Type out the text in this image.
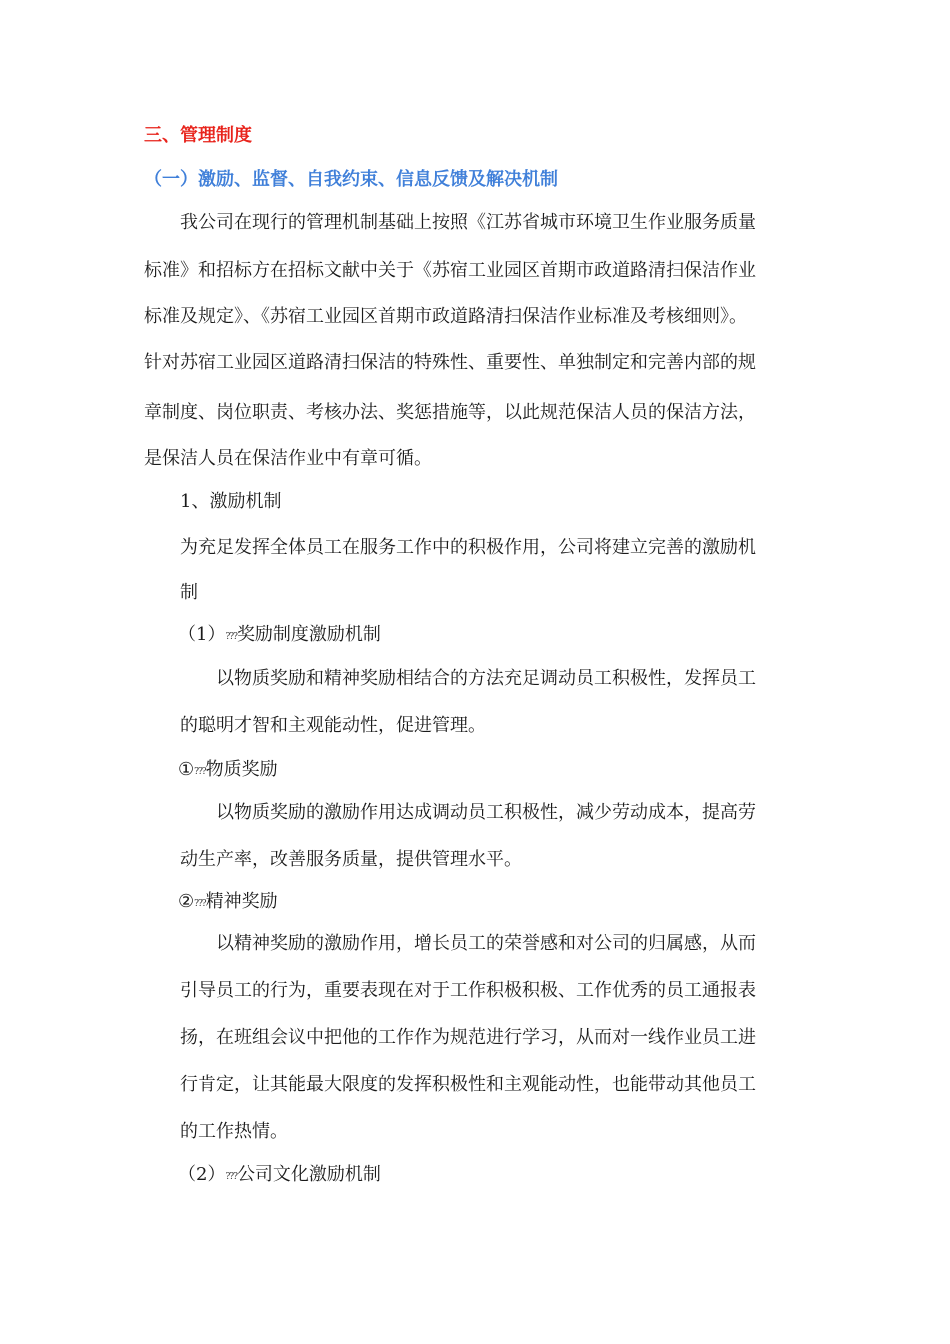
三、管理制度
（一）激励、监督、自我约束、信息反馈及解决机制
我公司在现行的管理机制基础上按照《江苏省城市环境卫生作业服务质量
标准》和招标方在招标文献中关于《苏宿工业园区首期市政道路清扫保洁作业
标准及规定》、《苏宿工业园区首期市政道路清扫保洁作业标准及考核细则》。
针对苏宿工业园区道路清扫保洁的特殊性、重要性、单独制定和完善内部的规
章制度、岗位职责、考核办法、奖惩措施等，以此规范保洁人员的保洁方法，
是保洁人员在保洁作业中有章可循。
1、激励机制
为充足发挥全体员工在服务工作中的积极作用，公司将建立完善的激励机
制
（1）???奖励制度激励机制
以物质奖励和精神奖励相结合的方法充足调动员工积极性，发挥员工
的聪明才智和主观能动性，促进管理。
①???物质奖励
以物质奖励的激励作用达成调动员工积极性，减少劳动成本，提高劳
动生产率，改善服务质量，提供管理水平。
②???精神奖励
以精神奖励的激励作用，增长员工的荣誉感和对公司的归属感，从而
引导员工的行为，重要表现在对于工作积极积极、工作优秀的员工通报表
扬，在班组会议中把他的工作作为规范进行学习，从而对一线作业员工进
行肯定，让其能最大限度的发挥积极性和主观能动性，也能带动其他员工
的工作热情。
（2）???公司文化激励机制
